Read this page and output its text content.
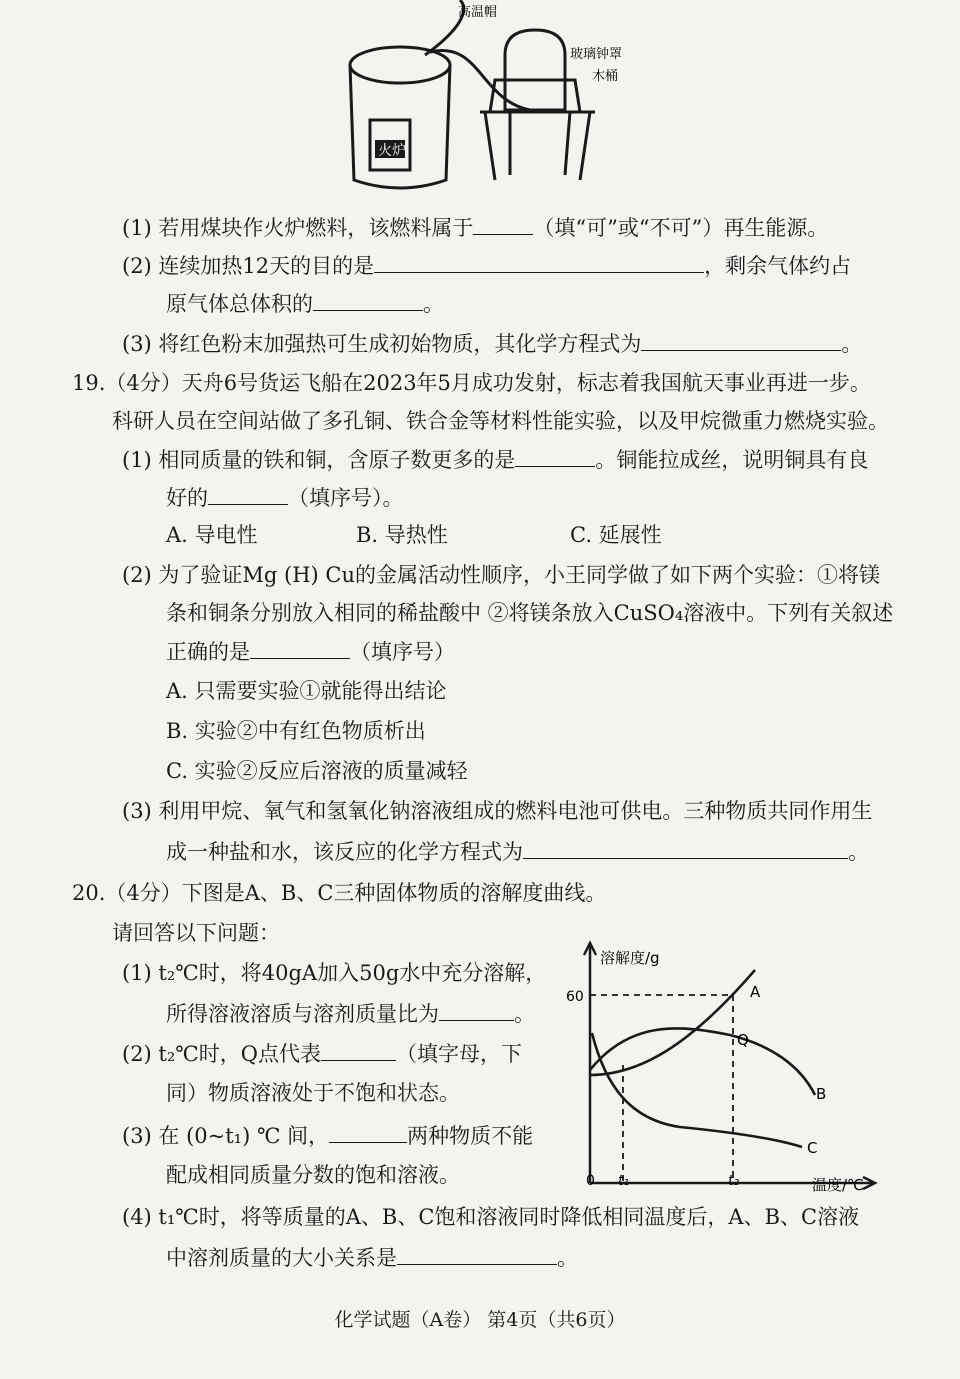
火炉
高温帽
玻璃钟罩
木桶
(1) 若用煤块作火炉燃料，该燃料属于	（填“可”或“不可”）再生能源。
(2) 连续加热12天的目的是	，剩余气体约占
原气体总体积的	。
(3) 将红色粉末加强热可生成初始物质，其化学方程式为	。
19.（4分）天舟6号货运飞船在2023年5月成功发射，标志着我国航天事业再进一步。
科研人员在空间站做了多孔铜、铁合金等材料性能实验，以及甲烷微重力燃烧实验。
(1) 相同质量的铁和铜，含原子数更多的是	。铜能拉成丝，说明铜具有良
好的	（填序号）。
A. 导电性	B. 导热性	C. 延展性
(2) 为了验证Mg (H) Cu的金属活动性顺序，小王同学做了如下两个实验：①将镁
条和铜条分别放入相同的稀盐酸中 ②将镁条放入CuSO₄溶液中。下列有关叙述
正确的是	（填序号）
A. 只需要实验①就能得出结论
B. 实验②中有红色物质析出
C. 实验②反应后溶液的质量减轻
(3) 利用甲烷、氧气和氢氧化钠溶液组成的燃料电池可供电。三种物质共同作用生
成一种盐和水，该反应的化学方程式为	。
20.（4分）下图是A、B、C三种固体物质的溶解度曲线。
请回答以下问题：
(1) t₂℃时，将40gA加入50g水中充分溶解，
所得溶液溶质与溶剂质量比为	。
(2) t₂℃时，Q点代表	（填字母，下
同）物质溶液处于不饱和状态。
(3) 在 (0~t₁) ℃ 间，	两种物质不能
配成相同质量分数的饱和溶液。
(4) t₁℃时，将等质量的A、B、C饱和溶液同时降低相同温度后，A、B、C溶液
中溶剂质量的大小关系是	。
溶解度/g
温度/℃
60
0 t₁	t₂
A
B
C
Q
化学试题（A卷） 第4页（共6页）
